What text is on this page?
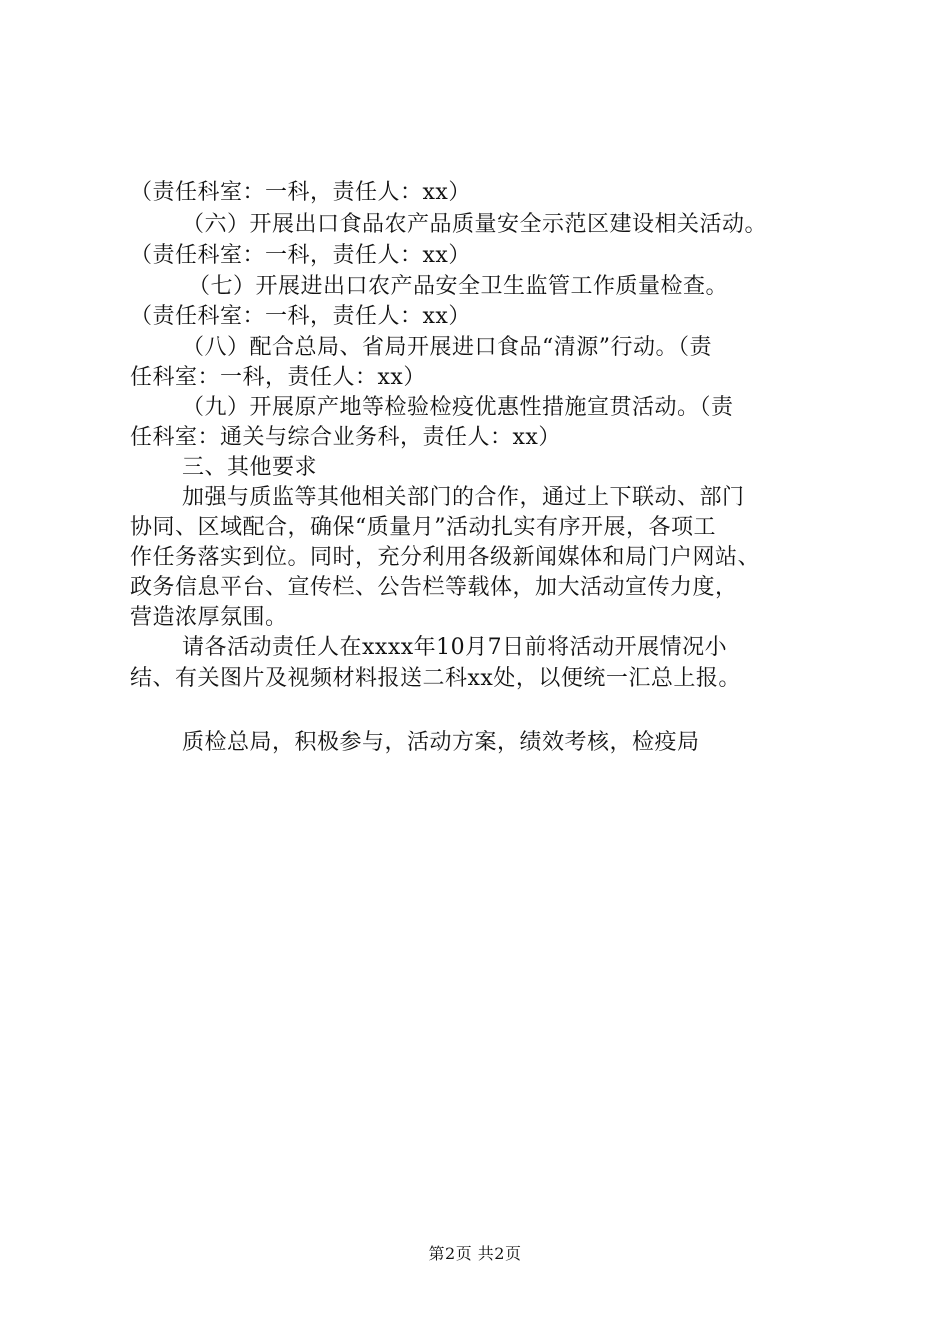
（责任科室：一科，责任人：xx）
（六）开展出口食品农产品质量安全示范区建设相关活动。
（责任科室：一科，责任人：xx）
（七）开展进出口农产品安全卫生监管工作质量检查。
（责任科室：一科，责任人：xx）
（八）配合总局、省局开展进口食品“清源”行动。（责
任科室：一科，责任人：xx）
（九）开展原产地等检验检疫优惠性措施宣贯活动。（责
任科室：通关与综合业务科，责任人：xx）
三、其他要求
加强与质监等其他相关部门的合作，通过上下联动、部门
协同、区域配合，确保“质量月”活动扎实有序开展，各项工
作任务落实到位。同时，充分利用各级新闻媒体和局门户网站、
政务信息平台、宣传栏、公告栏等载体，加大活动宣传力度，
营造浓厚氛围。
请各活动责任人在xxxx年10月7日前将活动开展情况小
结、有关图片及视频材料报送二科xx处，以便统一汇总上报。
质检总局，积极参与，活动方案，绩效考核，检疫局
第2页 共2页
